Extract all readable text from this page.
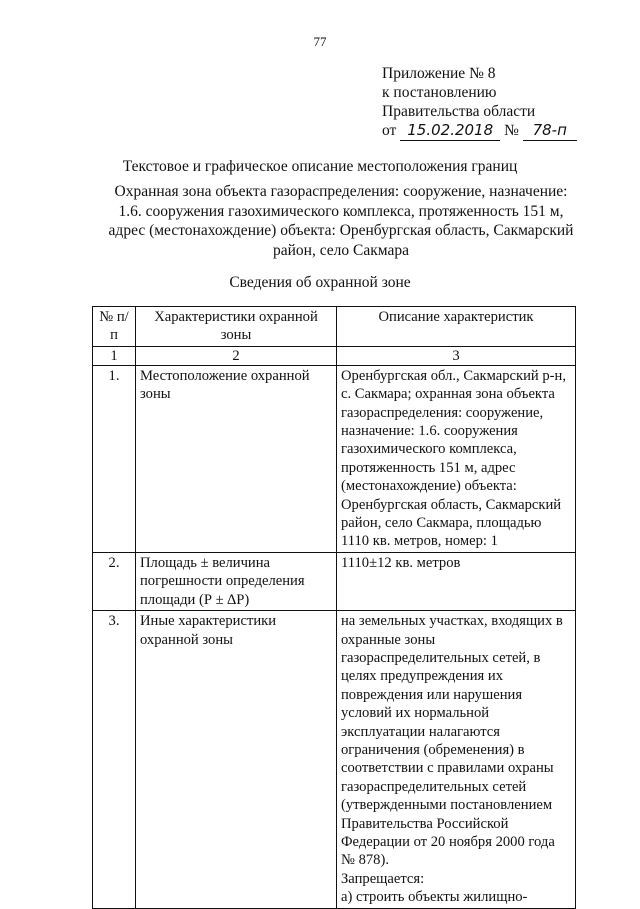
77
Приложение № 8
к постановлению
Правительства области
от 15.02.2018 № 78-п
Текстовое и графическое описание местоположения границ
Охранная зона объекта газораспределения: сооружение, назначение: 1.6. сооружения газохимического комплекса, протяженность 151 м, адрес (местонахождение) объекта: Оренбургская область, Сакмарский район, село Сакмара
Сведения об охранной зоне
№ п/п	Характеристики охранной зоны	Описание характеристик
1	2	3
1.	Местоположение охранной зоны	Оренбургская обл., Сакмарский р-н, с. Сакмара; охранная зона объекта газораспределения: сооружение, назначение: 1.6. сооружения газохимического комплекса, протяженность 151 м, адрес (местонахождение) объекта: Оренбургская область, Сакмарский район, село Сакмара, площадью 1110 кв. метров, номер: 1
2.	Площадь ± величина погрешности определения площади (Р ± ∆Р)	1110±12 кв. метров
3.	Иные характеристики охранной зоны	на земельных участках, входящих в охранные зоны газораспределительных сетей, в целях предупреждения их повреждения или нарушения условий их нормальной эксплуатации налагаются ограничения (обременения) в соответствии с правилами охраны газораспределительных сетей (утвержденными постановлением Правительства Российской Федерации от 20 ноября 2000 года № 878).
Запрещается:
а) строить объекты жилищно-
